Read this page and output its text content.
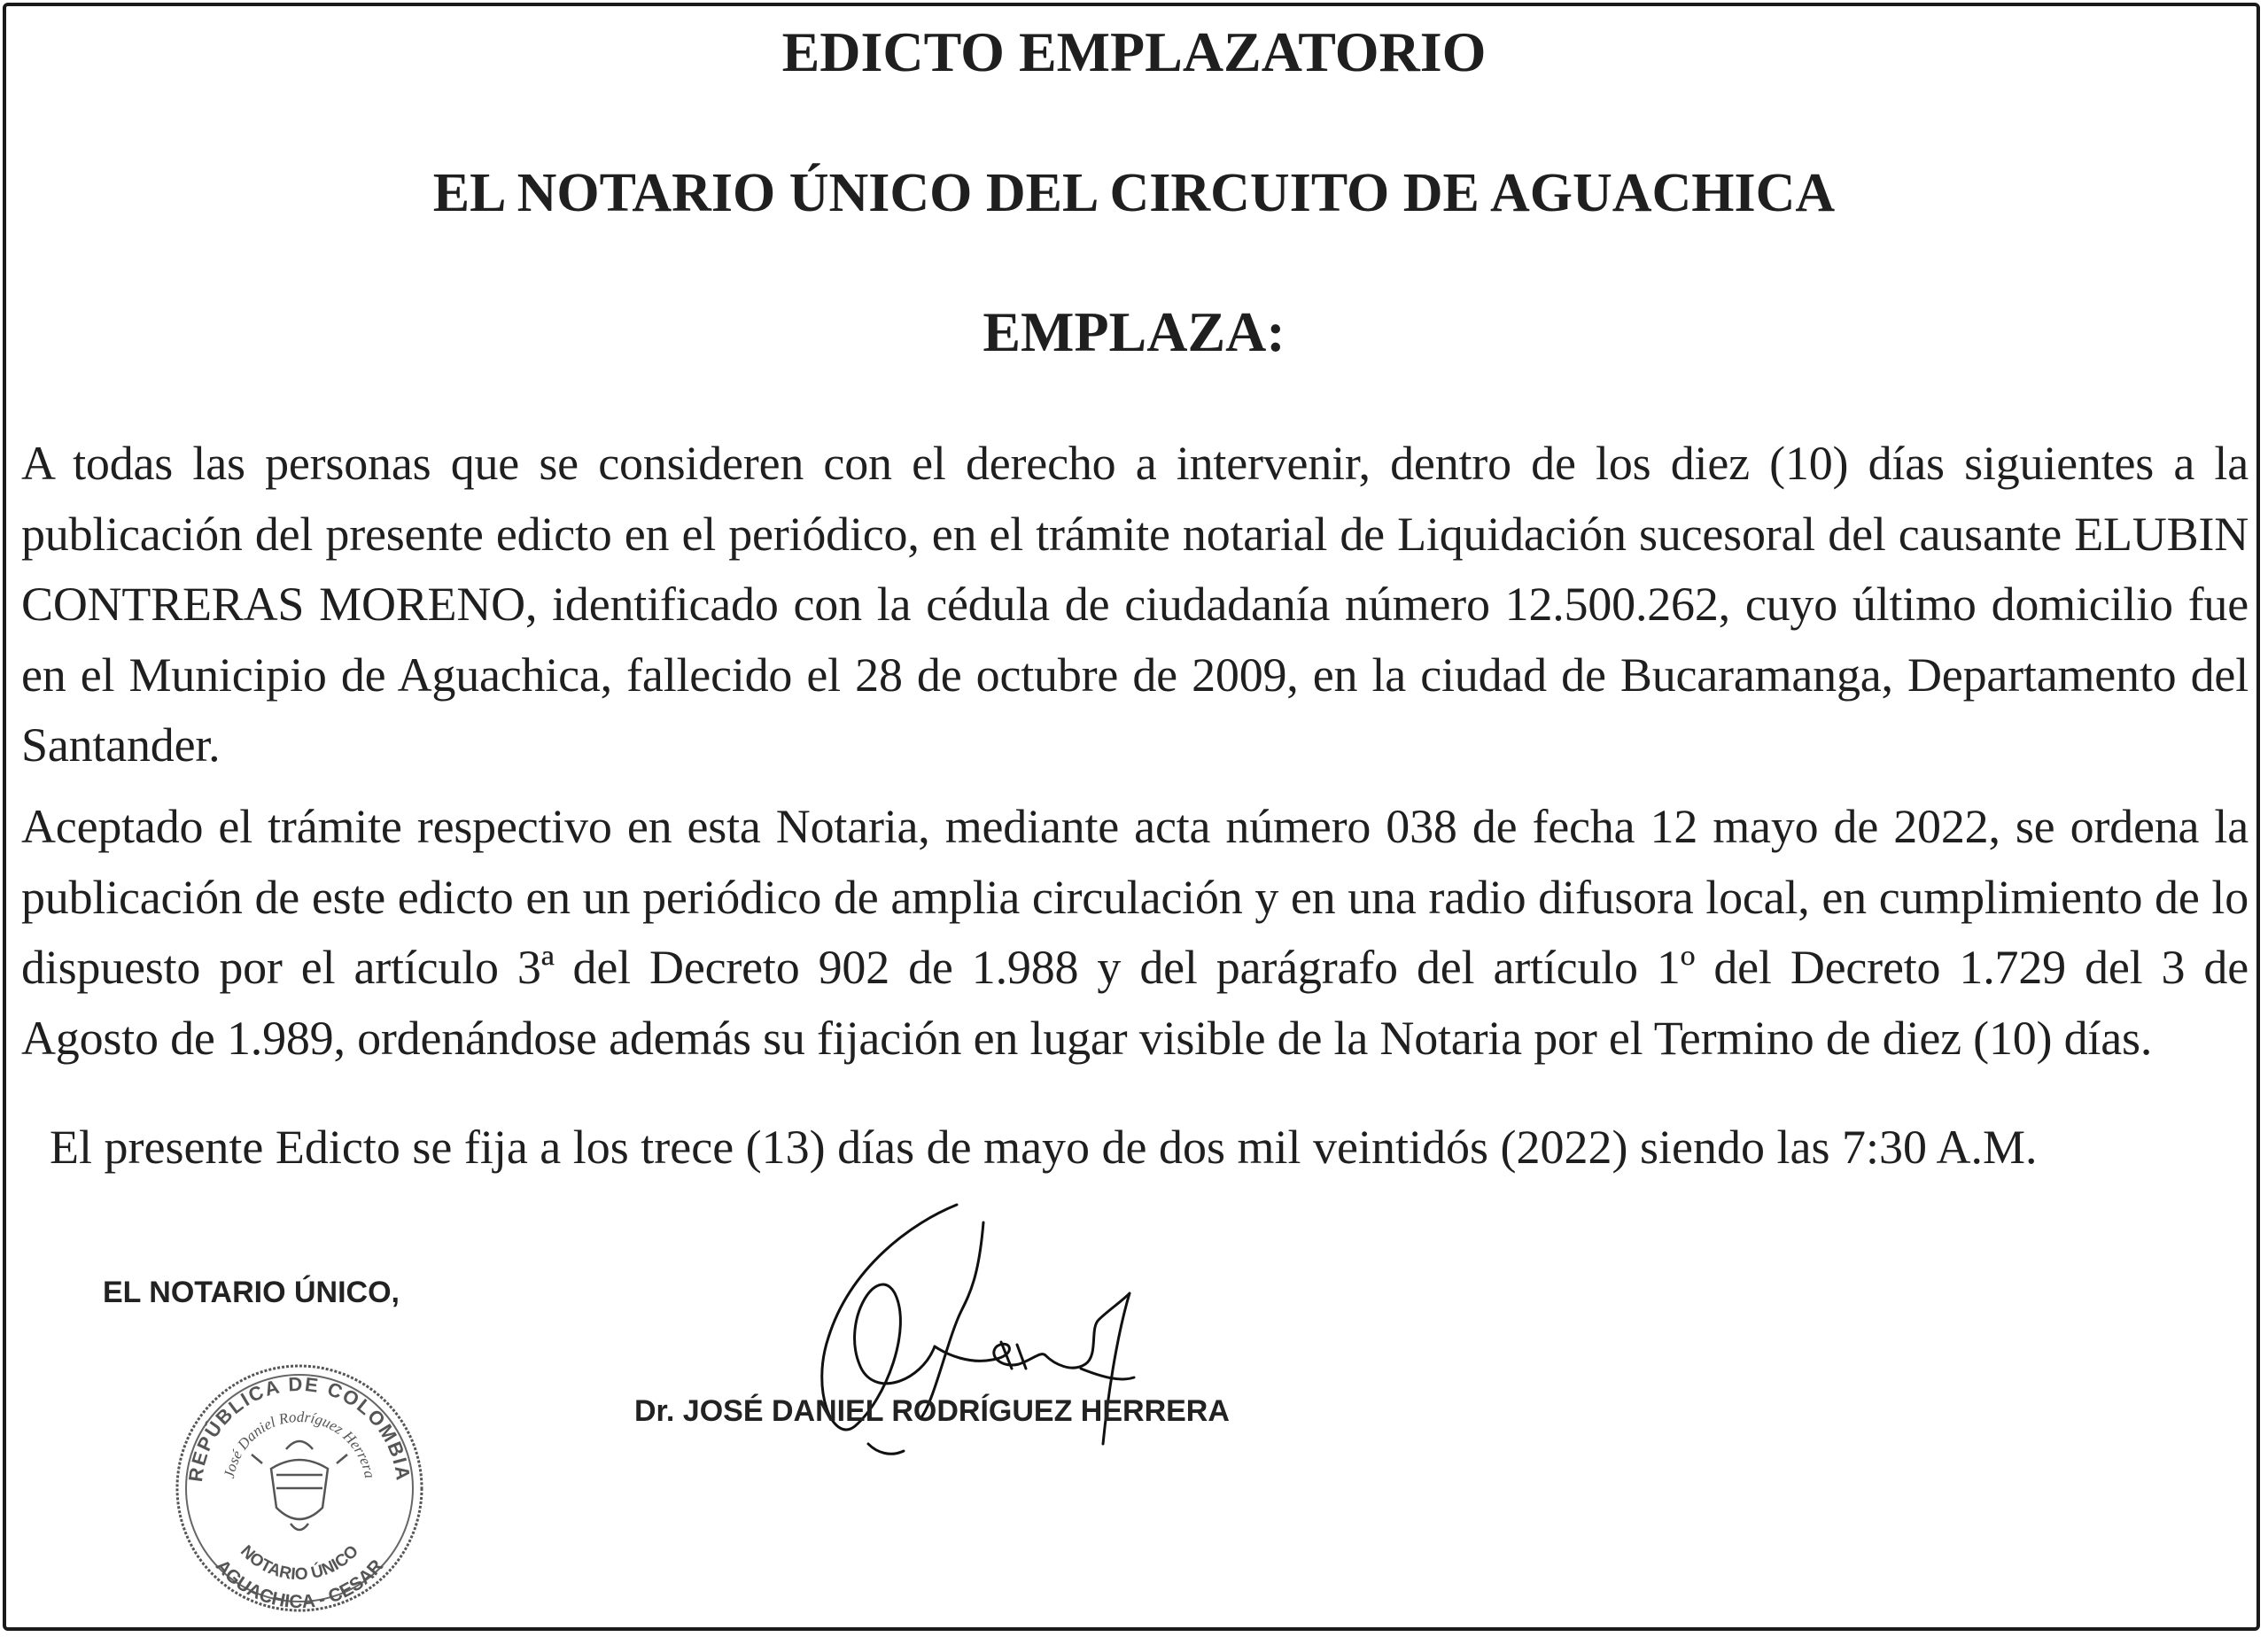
EDICTO EMPLAZATORIO
EL NOTARIO ÚNICO DEL CIRCUITO DE AGUACHICA
EMPLAZA:

A todas las personas que se consideren con el derecho a intervenir, dentro de los diez (10) días siguientes a la publicación del presente edicto en el periódico, en el trámite notarial de Liquidación sucesoral del causante ELUBIN CONTRERAS MORENO, identificado con la cédula de ciudadanía número 12.500.262, cuyo último domicilio fue en el Municipio de Aguachica, fallecido el 28 de octubre de 2009, en la ciudad de Bucaramanga, Departamento del Santander.

Aceptado el trámite respectivo en esta Notaria, mediante acta número 038 de fecha 12 mayo de 2022, se ordena la publicación de este edicto en un periódico de amplia circulación y en una radio difusora local, en cumplimiento de lo dispuesto por el artículo 3ª del Decreto 902 de 1.988 y del parágrafo del artículo 1º del Decreto 1.729 del 3 de Agosto de 1.989, ordenándose además su fijación en lugar visible de la Notaria por el Termino de diez (10) días.

El presente Edicto se fija a los trece (13) días de mayo de dos mil veintidós (2022) siendo las 7:30 A.M.

EL NOTARIO ÚNICO,

REPÚBLICA DE COLOMBIA
José Daniel Rodríguez Herrera
NOTARIO ÚNICO
AGUACHICA - CESAR

Dr. JOSÉ DANIEL RODRÍGUEZ HERRERA
